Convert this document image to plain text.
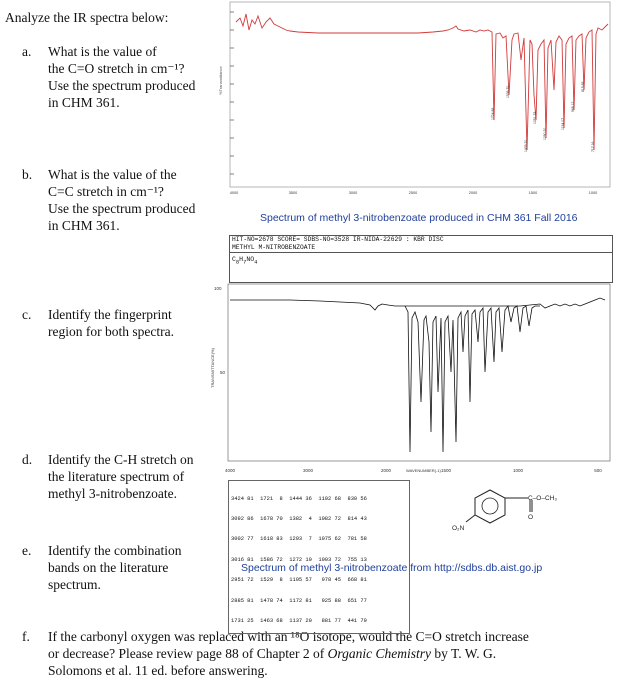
Analyze the IR spectra below:
a. What is the value of
the C=O stretch in cm⁻¹?
Use the spectrum produced
in CHM 361.
b. What is the value of the
C=C stretch in cm⁻¹?
Use the spectrum produced
in CHM 361.
c. Identify the fingerprint
region for both spectra.
d. Identify the C-H stretch on
the literature spectrum of
methyl 3-nitrobenzoate.
e. Identify the combination
bands on the literature
spectrum.
f. If the carbonyl oxygen was replaced with an ¹⁸O isotope, would the C=O stretch increase
or decrease? Please review page 88 of Chapter 2 of Organic Chemistry by T. W. G.
Solomons et al. 11 ed. before answering.
%Transmittance
1724.89
1536.70
1439.20
1351.73
1290.20
1134.07
968.12
815.65
717.16
4000	3500	3000	2500	2000	1500	1000
Spectrum of methyl 3-nitrobenzoate produced in CHM 361 Fall 2016
HIT-NO=2678 SCORE= SDBS-NO=3528 IR-NIDA-22629 : KBR DISC
METHYL M-NITROBENZOATE
$C_8H_7NO_4$
100
50
TRANSMITTANCE(%)
4000	3000	2000	1500	1000	500
WAVENUMBER(-1)

3424 81  1721  8  1444 36  1102 68  830 56

3092 86  1678 70  1382  4  1082 72  814 43

3002 77  1618 83  1293  7  1075 62  781 58

3016 81  1586 72  1272 10  1003 72  755 13

2951 72  1529  8  1195 57   978 45  668 81

2885 81  1478 74  1172 81   925 88  651 77

1731 25  1463 68  1137 20   881 77  441 79

C–O–CH₃
O
O₂N
Spectrum of methyl 3-nitrobenzoate from http://sdbs.db.aist.go.jp
